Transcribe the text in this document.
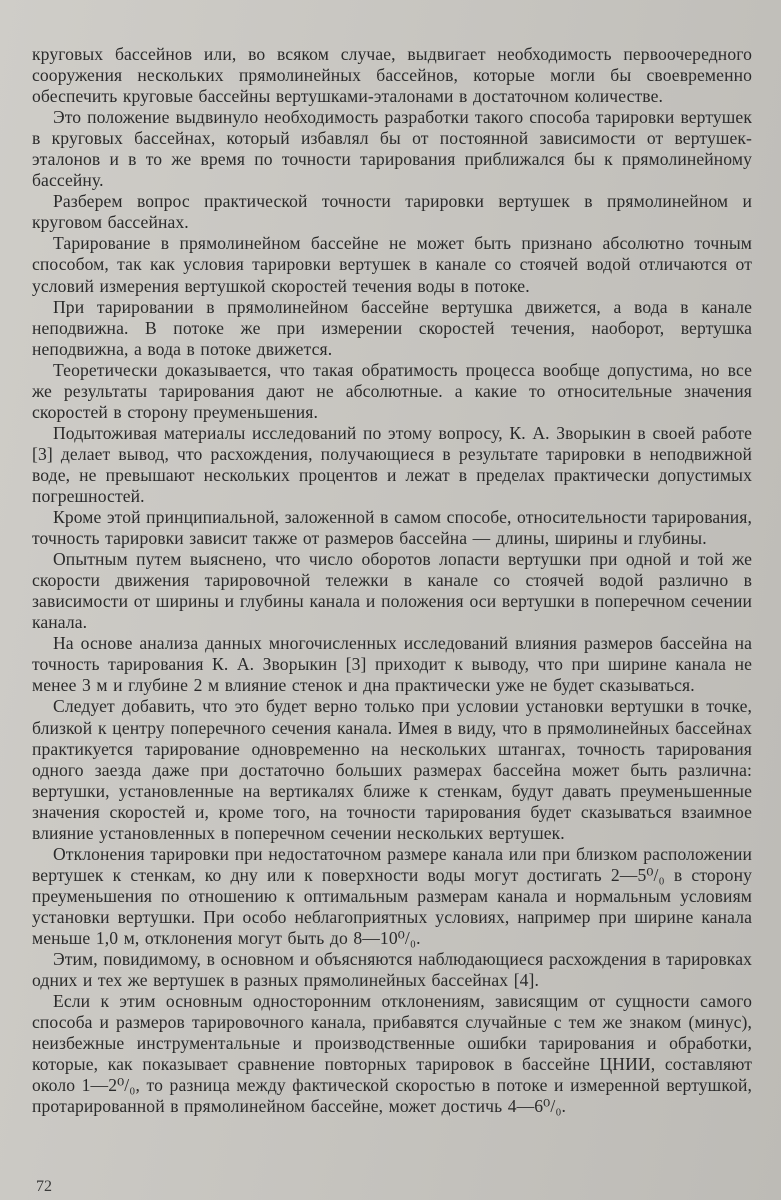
круговых бассейнов или, во всяком случае, выдвигает необходимость первоочередного сооружения нескольких прямолинейных бассейнов, которые могли бы своевременно обеспечить круговые бассейны вертушками-эталонами в достаточном количестве.

Это положение выдвинуло необходимость разработки такого способа тарировки вертушек в круговых бассейнах, который избавлял бы от постоянной зависимости от вертушек-эталонов и в то же время по точности тарирования приближался бы к прямолинейному бассейну.

Разберем вопрос практической точности тарировки вертушек в прямолинейном и круговом бассейнах.

Тарирование в прямолинейном бассейне не может быть признано абсолютно точным способом, так как условия тарировки вертушек в канале со стоячей водой отличаются от условий измерения вертушкой скоростей течения воды в потоке.

При тарировании в прямолинейном бассейне вертушка движется, а вода в канале неподвижна. В потоке же при измерении скоростей течения, наоборот, вертушка неподвижна, а вода в потоке движется.

Теоретически доказывается, что такая обратимость процесса вообще допустима, но все же результаты тарирования дают не абсолютные. а какие то относительные значения скоростей в сторону преуменьшения.

Подытоживая материалы исследований по этому вопросу, К. А. Зворыкин в своей работе [3] делает вывод, что расхождения, получающиеся в результате тарировки в неподвижной воде, не превышают нескольких процентов и лежат в пределах практически допустимых погрешностей.

Кроме этой принципиальной, заложенной в самом способе, относительности тарирования, точность тарировки зависит также от размеров бассейна — длины, ширины и глубины.

Опытным путем выяснено, что число оборотов лопасти вертушки при одной и той же скорости движения тарировочной тележки в канале со стоячей водой различно в зависимости от ширины и глубины канала и положения оси вертушки в поперечном сечении канала.

На основе анализа данных многочисленных исследований влияния размеров бассейна на точность тарирования К. А. Зворыкин [3] приходит к выводу, что при ширине канала не менее 3 м и глубине 2 м влияние стенок и дна практически уже не будет сказываться.

Следует добавить, что это будет верно только при условии установки вертушки в точке, близкой к центру поперечного сечения канала. Имея в виду, что в прямолинейных бассейнах практикуется тарирование одновременно на нескольких штангах, точность тарирования одного заезда даже при достаточно больших размерах бассейна может быть различна: вертушки, установленные на вертикалях ближе к стенкам, будут давать преуменьшенные значения скоростей и, кроме того, на точности тарирования будет сказываться взаимное влияние установленных в поперечном сечении нескольких вертушек.

Отклонения тарировки при недостаточном размере канала или при близком расположении вертушек к стенкам, ко дну или к поверхности воды могут достигать 2—5⁰/₀ в сторону преуменьшения по отношению к оптимальным размерам канала и нормальным условиям установки вертушки. При особо неблагоприятных условиях, например при ширине канала меньше 1,0 м, отклонения могут быть до 8—10⁰/₀.

Этим, повидимому, в основном и объясняются наблюдающиеся расхождения в тарировках одних и тех же вертушек в разных прямолинейных бассейнах [4].

Если к этим основным односторонним отклонениям, зависящим от сущности самого способа и размеров тарировочного канала, прибавятся случайные с тем же знаком (минус), неизбежные инструментальные и производственные ошибки тарирования и обработки, которые, как показывает сравнение повторных тарировок в бассейне ЦНИИ, составляют около 1—2⁰/₀, то разница между фактической скоростью в потоке и измеренной вертушкой, протарированной в прямолинейном бассейне, может достичь 4—6⁰/₀.

72
